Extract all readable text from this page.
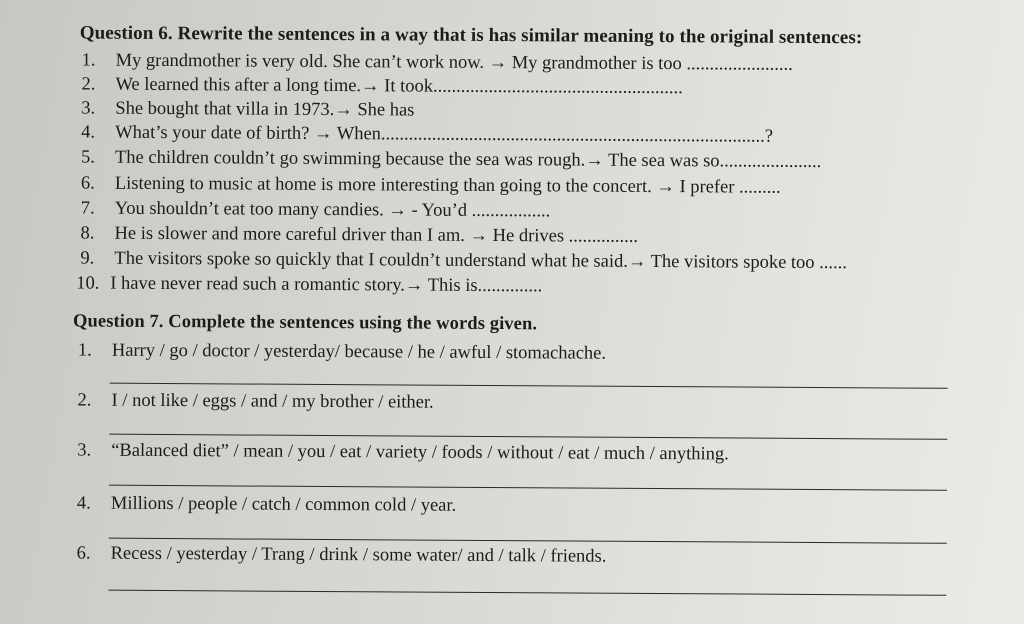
Question 6. Rewrite the sentences in a way that is has similar meaning to the original sentences:
1.	My grandmother is very old. She can’t work now. → My grandmother is too .......................
2.	We learned this after a long time.→ It took......................................................
3.	She bought that villa in 1973.→ She has
4.	What’s your date of birth? → When...................................................................................?
5.	The children couldn’t go swimming because the sea was rough.→ The sea was so......................
6.	Listening to music at home is more interesting than going to the concert. → I prefer .........
7.	You shouldn’t eat too many candies. → - You’d .................
8.	He is slower and more careful driver than I am. → He drives ...............
9.	The visitors spoke so quickly that I couldn’t understand what he said.→ The visitors spoke too ......
10. I have never read such a romantic story.→ This is..............
Question 7. Complete the sentences using the words given.
1.	Harry / go / doctor / yesterday/ because / he / awful / stomachache.
2.	I / not like / eggs / and / my brother / either.
3.	“Balanced diet” / mean / you / eat / variety / foods / without / eat / much / anything.
4.	Millions / people / catch / common cold / year.
6.	Recess / yesterday / Trang / drink / some water/ and / talk / friends.
